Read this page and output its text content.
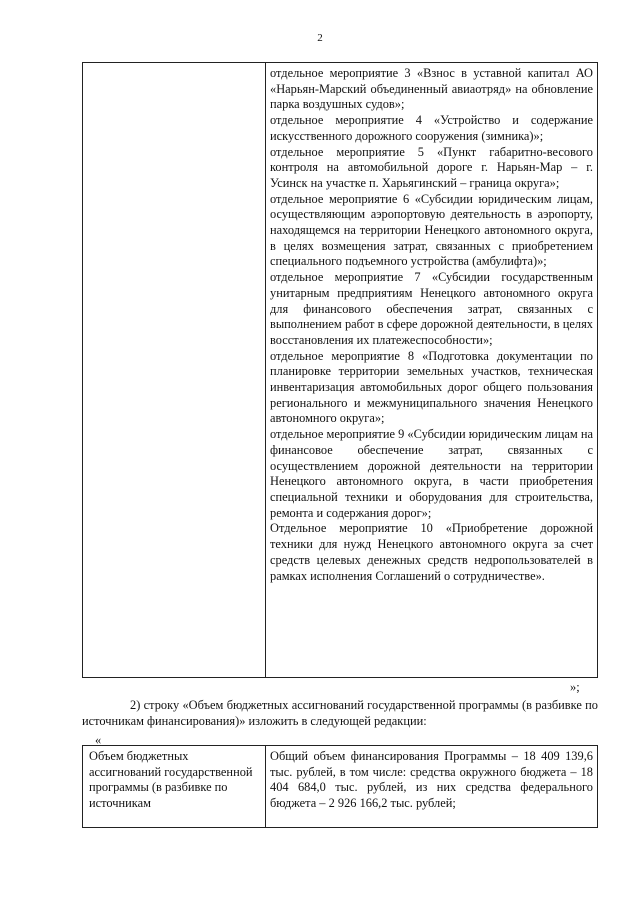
2

отдельное мероприятие 3 «Взнос в уставной капитал АО «Нарьян-Марский объединенный авиаотряд» на обновление парка воздушных судов»;

отдельное мероприятие 4 «Устройство и содержание искусственного дорожного сооружения (зимника)»;

отдельное мероприятие 5 «Пункт габаритно-весового контроля на автомобильной дороге г. Нарьян-Мар – г. Усинск на участке п. Харьягинский – граница округа»;

отдельное мероприятие 6 «Субсидии юридическим лицам, осуществляющим аэропортовую деятельность в аэропорту, находящемся на территории Ненецкого автономного округа, в целях возмещения затрат, связанных с приобретением специального подъемного устройства (амбулифта)»;

отдельное мероприятие 7 «Субсидии государственным унитарным предприятиям Ненецкого автономного округа для финансового обеспечения затрат, связанных с выполнением работ в сфере дорожной деятельности, в целях восстановления их платежеспособности»;

отдельное мероприятие 8 «Подготовка документации по планировке территории земельных участков, техническая инвентаризация автомобильных дорог общего пользования регионального и межмуниципального значения Ненецкого автономного округа»;

отдельное мероприятие 9 «Субсидии юридическим лицам на финансовое обеспечение затрат, связанных с осуществлением дорожной деятельности на территории Ненецкого автономного округа, в части приобретения специальной техники и оборудования для строительства, ремонта и содержания дорог»;

Отдельное мероприятие 10 «Приобретение дорожной техники для нужд Ненецкого автономного округа за счет средств целевых денежных средств недропользователей в рамках исполнения Соглашений о сотрудничестве».

»;
2) строку «Объем бюджетных ассигнований государственной программы (в разбивке по источникам финансирования)» изложить в следующей редакции:
«
Объем бюджетных ассигнований государственной программы (в разбивке по источникам
Общий объем финансирования Программы – 18 409 139,6 тыс. рублей, в том числе: средства окружного бюджета – 18 404 684,0 тыс. рублей, из них средства федерального бюджета – 2 926 166,2 тыс. рублей;
